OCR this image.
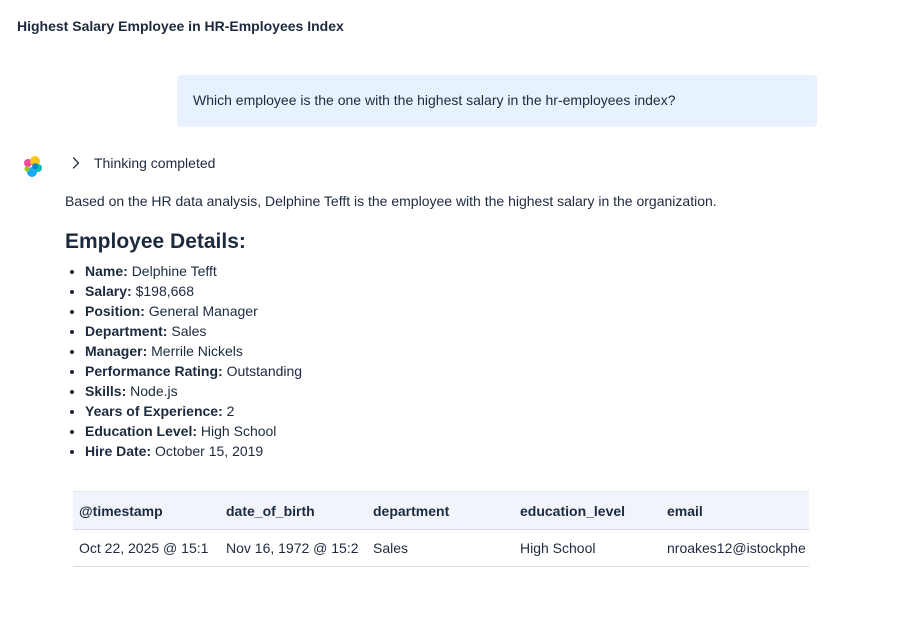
Highest Salary Employee in HR-Employees Index
Which employee is the one with the highest salary in the hr-employees index?
Thinking completed

Based on the HR data analysis, Delphine Tefft is the employee with the highest salary in the organization.

Employee Details:
• Name: Delphine Tefft
• Salary: $198,668
• Position: General Manager
• Department: Sales
• Manager: Merrile Nickels
• Performance Rating: Outstanding
• Skills: Node.js
• Years of Experience: 2
• Education Level: High School
• Hire Date: October 15, 2019
@timestamp	date_of_birth	department	education_level	email
Oct 22, 2025 @ 15:1	Nov 16, 1972 @ 15:2	Sales	High School	nroakes12@istockphe
